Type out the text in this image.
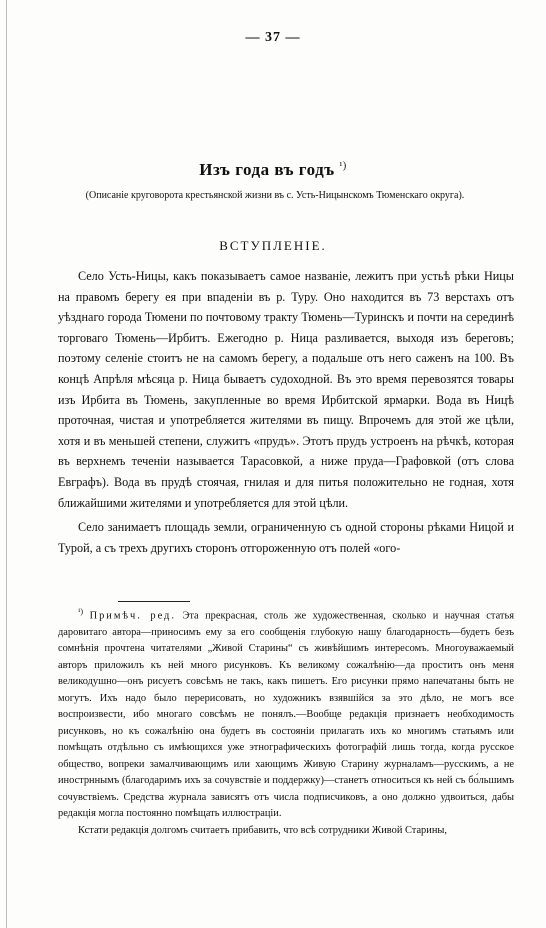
— 37 —
Изъ года въ годъ $^{^1)}$
(Описаніе круговорота крестьянской жизни въ с. Усть-Ницынскомъ Тюменскаго округа).
ВСТУПЛЕНІЕ.

Село Усть-Ницы, какъ показываетъ самое названіе, лежитъ при устьѣ рѣки Ницы на правомъ берегу ея при впаденіи въ р. Туру. Оно находится въ 73 верстахъ отъ уѣзднаго города Тюмени по почтовому тракту Тюмень—Туринскъ и почти на серединѣ торговаго Тюмень—Ирбитъ. Ежегодно р. Ница разливается, выходя изъ береговъ; поэтому селеніе стоитъ не на самомъ берегу, а подальше отъ него саженъ на 100. Въ концѣ Апрѣля мѣсяца р. Ница бываетъ судоходной. Въ это время перевозятся товары изъ Ирбита въ Тюмень, закупленные во время Ирбитской ярмарки. Вода въ Ницѣ проточная, чистая и употребляется жителями въ пищу. Впрочемъ для этой же цѣли, хотя и въ меньшей степени, служитъ «прудъ». Этотъ прудъ устроенъ на рѣчкѣ, которая въ верхнемъ теченіи называется Тарасовкой, а ниже пруда—Графовкой (отъ слова Евграфъ). Вода въ прудѣ стоячая, гнилая и для питья положительно не годная, хотя ближайшими жителями и употребляется для этой цѣли.

Село занимаетъ площадь земли, ограниченную съ одной стороны рѣками Ницой и Турой, а съ трехъ другихъ сторонъ отгороженную отъ полей «ого-

$^{^1)}$ Примѣч. ред. Эта прекрасная, столь же художественная, сколько и научная статья даровитаго автора—приносимъ ему за его сообщенія глубокую нашу благодарность—будетъ безъ сомнѣнія прочтена читателями „Живой Старины“ съ живѣйшимъ интересомъ. Многоуважаемый авторъ приложилъ къ ней много рисунковъ. Къ великому сожалѣнію—да проститъ онъ меня великодушно—онъ рисуетъ совсѣмъ не такъ, какъ пишетъ. Его рисунки прямо напечатаны быть не могутъ. Ихъ надо было перерисовать, но художникъ взявшійся за это дѣло, не могъ все воспроизвести, ибо многаго совсѣмъ не понялъ.—Вообще редакція признаетъ необходимость рисунковъ, но къ сожалѣнію она будетъ въ состояніи прилагать ихъ ко многимъ статьямъ или помѣщать отдѣльно съ имѣющихся уже этнографическихъ фотографій лишь тогда, когда русское общество, вопреки замалчивающимъ или хающимъ Живую Старину журналамъ—русскимъ, а не инострннымъ (благодаримъ ихъ за сочувствіе и поддержку)—станетъ относиться къ ней съ бо́льшимъ сочувствіемъ. Средства журнала зависятъ отъ числа подписчиковъ, а оно должно удвоиться, дабы редакція могла постоянно помѣщать иллюстраціи.

Кстати редакція долгомъ считаетъ прибавить, что всѣ сотрудники Живой Старины,
